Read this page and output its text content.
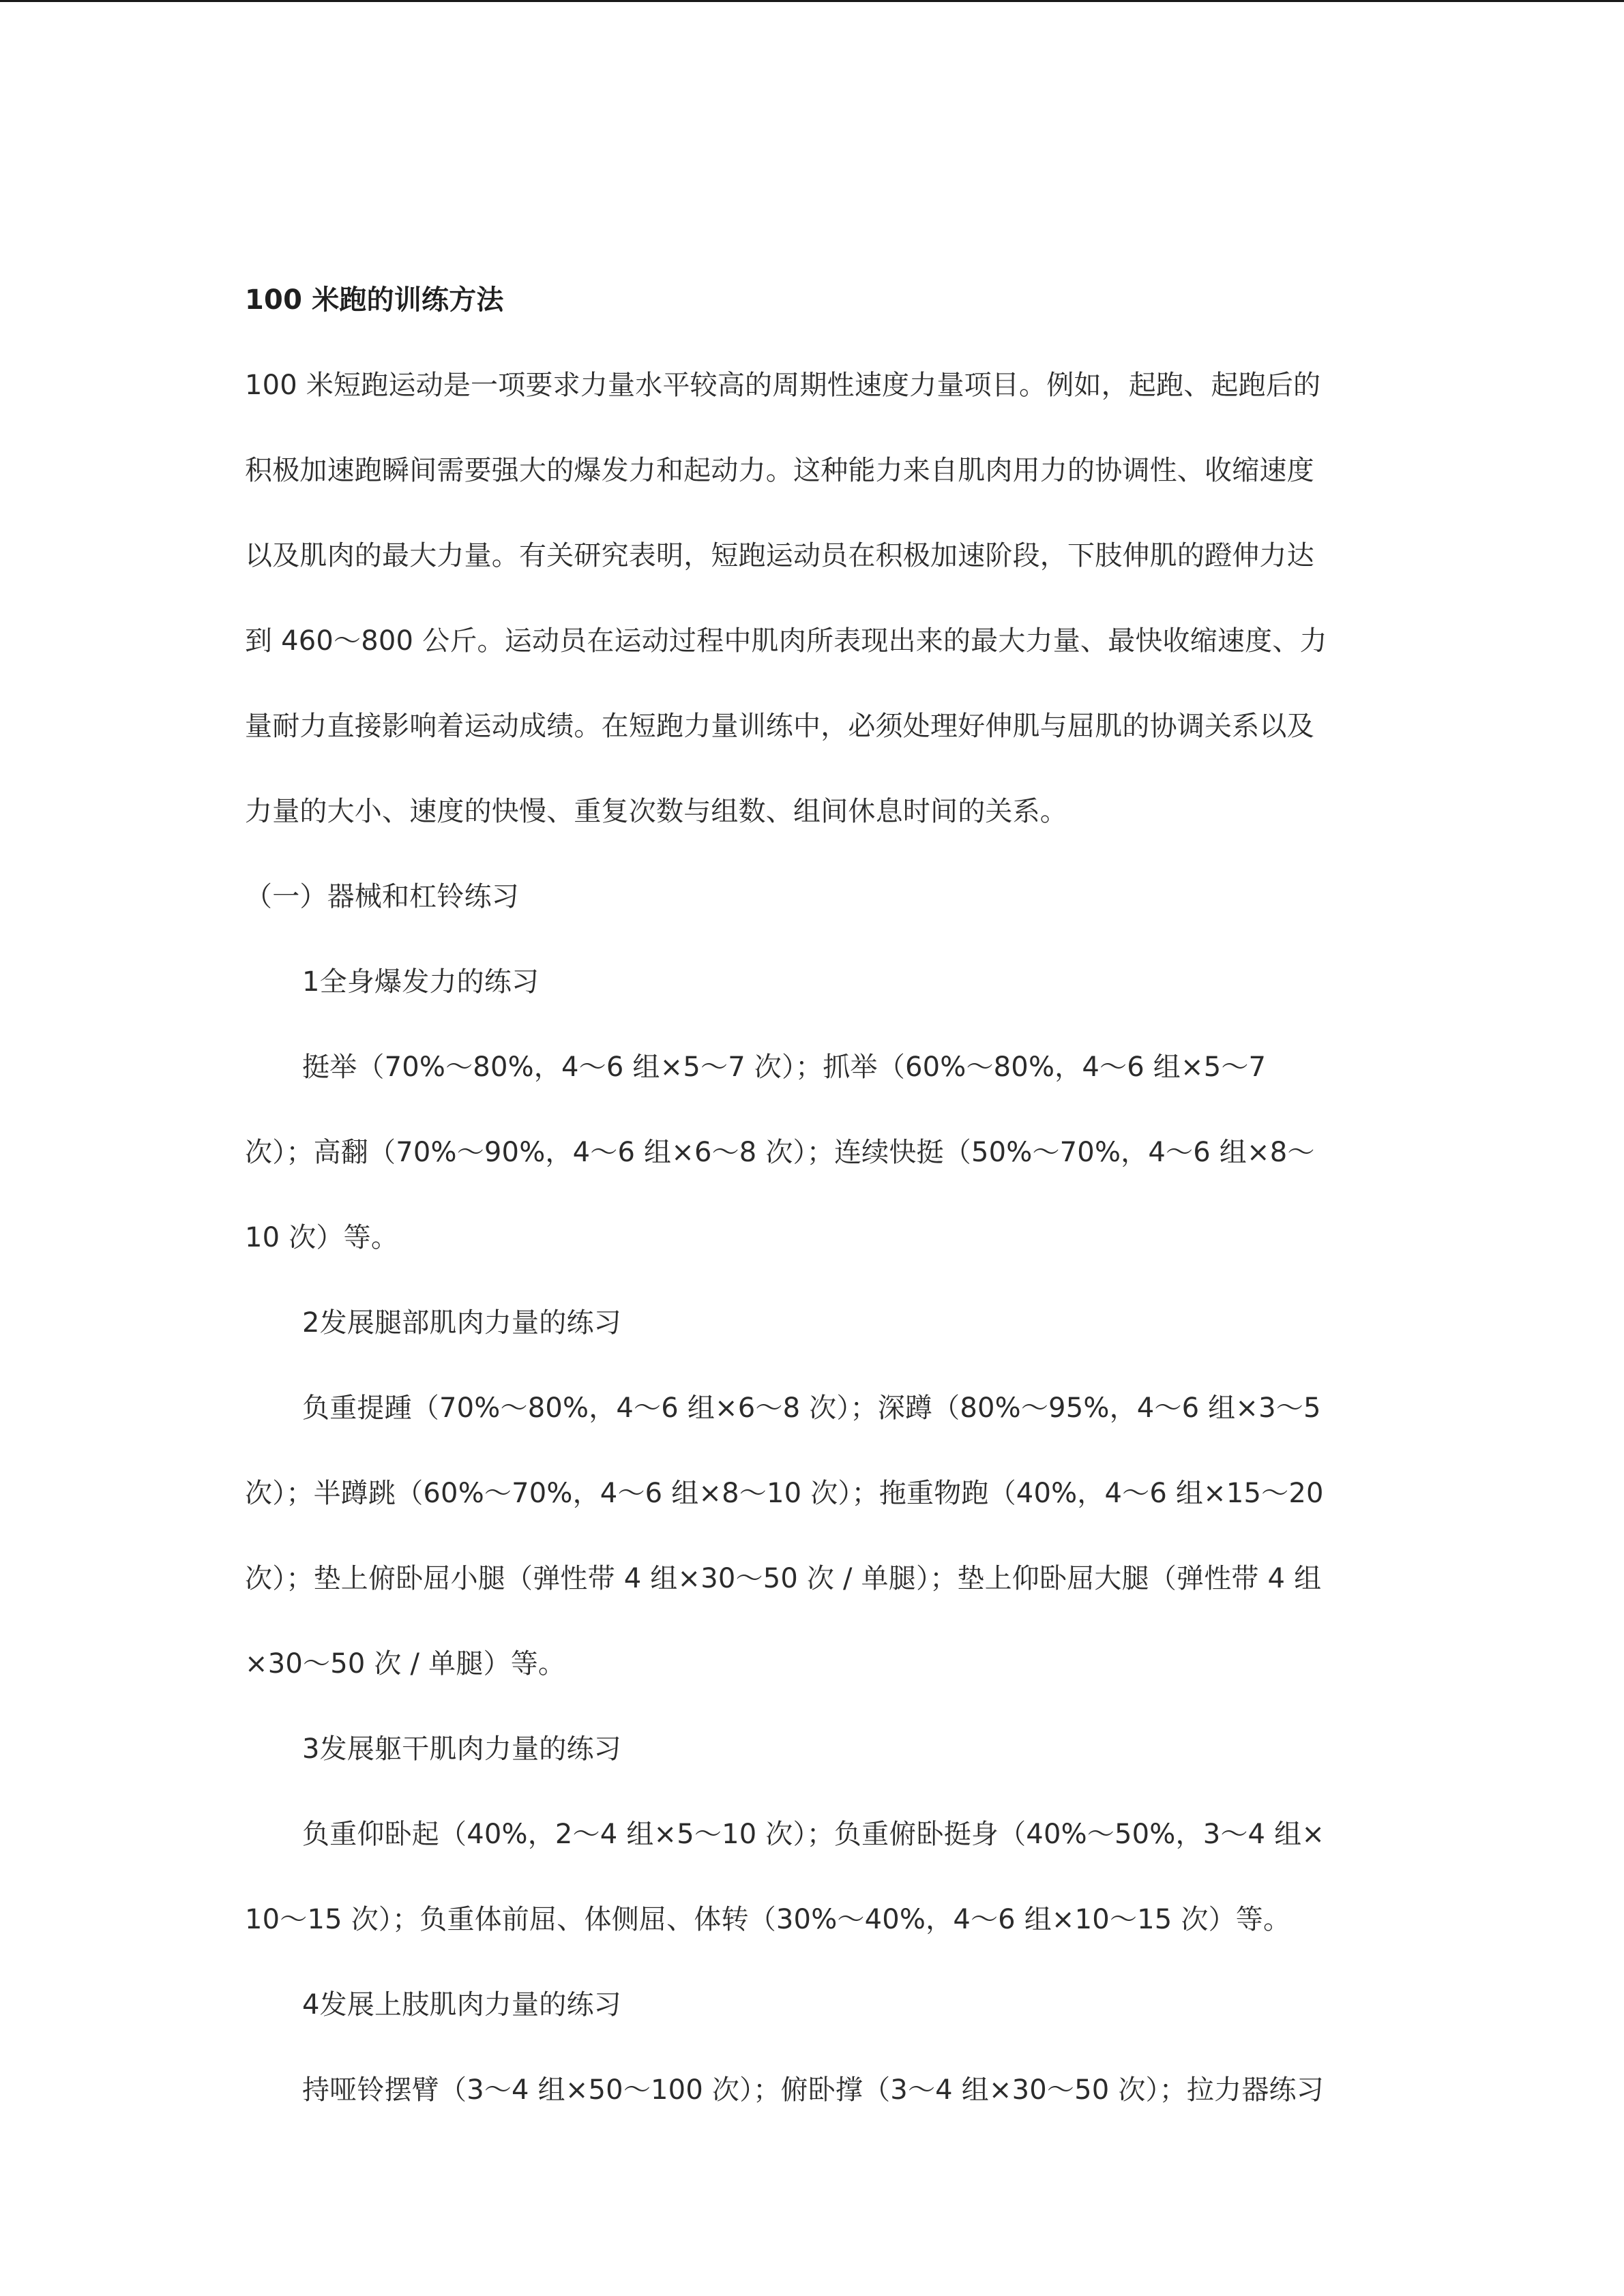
100 米跑的训练方法
100 米短跑运动是一项要求力量水平较高的周期性速度力量项目。例如，起跑、起跑后的
积极加速跑瞬间需要强大的爆发力和起动力。这种能力来自肌肉用力的协调性、收缩速度
以及肌肉的最大力量。有关研究表明，短跑运动员在积极加速阶段，下肢伸肌的蹬伸力达
到 460～800 公斤。运动员在运动过程中肌肉所表现出来的最大力量、最快收缩速度、力
量耐力直接影响着运动成绩。在短跑力量训练中，必须处理好伸肌与屈肌的协调关系以及
力量的大小、速度的快慢、重复次数与组数、组间休息时间的关系。
（一）器械和杠铃练习
1全身爆发力的练习
挺举（70%～80%，4～6 组×5～7 次）；抓举（60%～80%，4～6 组×5～7
次）；高翻（70%～90%，4～6 组×6～8 次）；连续快挺（50%～70%，4～6 组×8～
10 次）等。
2发展腿部肌肉力量的练习
负重提踵（70%～80%，4～6 组×6～8 次）；深蹲（80%～95%，4～6 组×3～5
次）；半蹲跳（60%～70%，4～6 组×8～10 次）；拖重物跑（40%，4～6 组×15～20
次）；垫上俯卧屈小腿（弹性带 4 组×30～50 次 / 单腿）；垫上仰卧屈大腿（弹性带 4 组
×30～50 次 / 单腿）等。
3发展躯干肌肉力量的练习
负重仰卧起（40%，2～4 组×5～10 次）；负重俯卧挺身（40%～50%，3～4 组×
10～15 次）；负重体前屈、体侧屈、体转（30%～40%，4～6 组×10～15 次）等。
4发展上肢肌肉力量的练习
持哑铃摆臂（3～4 组×50～100 次）；俯卧撑（3～4 组×30～50 次）；拉力器练习
